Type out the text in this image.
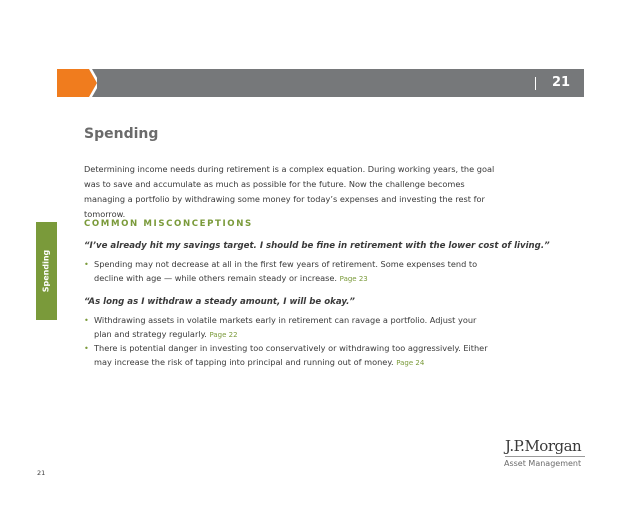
21
Spending
Spending
Determining income needs during retirement is a complex equation. During working years, the goal was to save and accumulate as much as possible for the future. Now the challenge becomes managing a portfolio by withdrawing some money for today’s expenses and investing the rest for tomorrow.
COMMON MISCONCEPTIONS
“I’ve already hit my savings target. I should be fine in retirement with the lower cost of living.”
• Spending may not decrease at all in the first few years of retirement. Some expenses tend to decline with age — while others remain steady or increase. Page 23
“As long as I withdraw a steady amount, I will be okay.”
• Withdrawing assets in volatile markets early in retirement can ravage a portfolio. Adjust your plan and strategy regularly. Page 22
• There is potential danger in investing too conservatively or withdrawing too aggressively. Either may increase the risk of tapping into principal and running out of money. Page 24
J.P.Morgan
Asset Management
21
